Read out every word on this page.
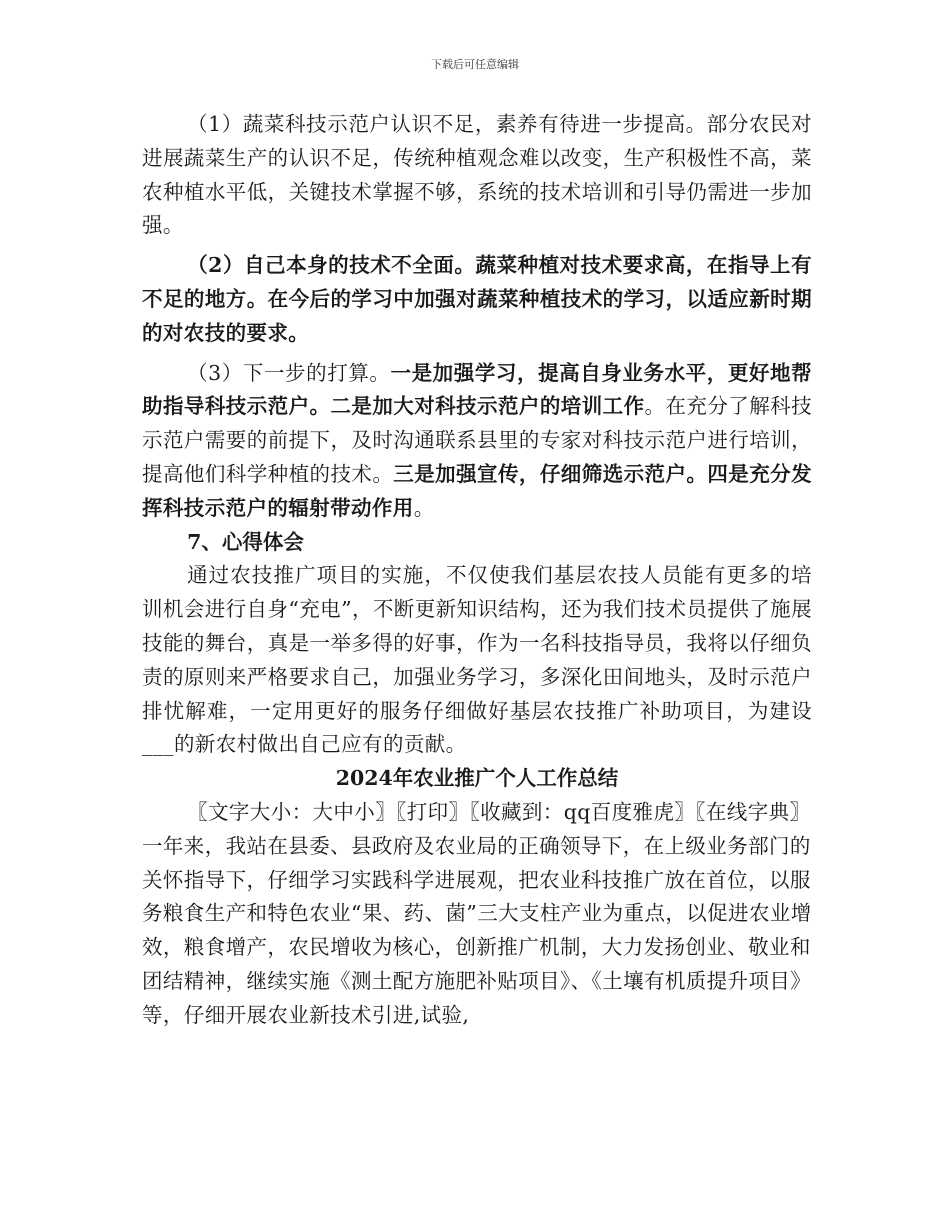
下载后可任意编辑

（1）蔬菜科技示范户认识不足，素养有待进一步提高。部分农民对进展蔬菜生产的认识不足，传统种植观念难以改变，生产积极性不高，菜农种植水平低，关键技术掌握不够，系统的技术培训和引导仍需进一步加强。

（2）自己本身的技术不全面。蔬菜种植对技术要求高，在指导上有不足的地方。在今后的学习中加强对蔬菜种植技术的学习，以适应新时期的对农技的要求。

（3）下一步的打算。一是加强学习，提高自身业务水平，更好地帮助指导科技示范户。二是加大对科技示范户的培训工作。在充分了解科技示范户需要的前提下，及时沟通联系县里的专家对科技示范户进行培训，提高他们科学种植的技术。三是加强宣传，仔细筛选示范户。四是充分发挥科技示范户的辐射带动作用。

7、心得体会

通过农技推广项目的实施，不仅使我们基层农技人员能有更多的培训机会进行自身“充电”，不断更新知识结构，还为我们技术员提供了施展技能的舞台，真是一举多得的好事，作为一名科技指导员，我将以仔细负责的原则来严格要求自己，加强业务学习，多深化田间地头，及时示范户排忧解难，一定用更好的服务仔细做好基层农技推广补助项目，为建设___的新农村做出自己应有的贡献。

2024年农业推广个人工作总结

〖文字大小：大中小〗〖打印〗〖收藏到：qq百度雅虎〗〖在线字典〗一年来，我站在县委、县政府及农业局的正确领导下，在上级业务部门的关怀指导下，仔细学习实践科学进展观，把农业科技推广放在首位，以服务粮食生产和特色农业“果、药、菌”三大支柱产业为重点，以促进农业增效，粮食增产，农民增收为核心，创新推广机制，大力发扬创业、敬业和团结精神，继续实施《测土配方施肥补贴项目》、《土壤有机质提升项目》等，仔细开展农业新技术引进,试验,
